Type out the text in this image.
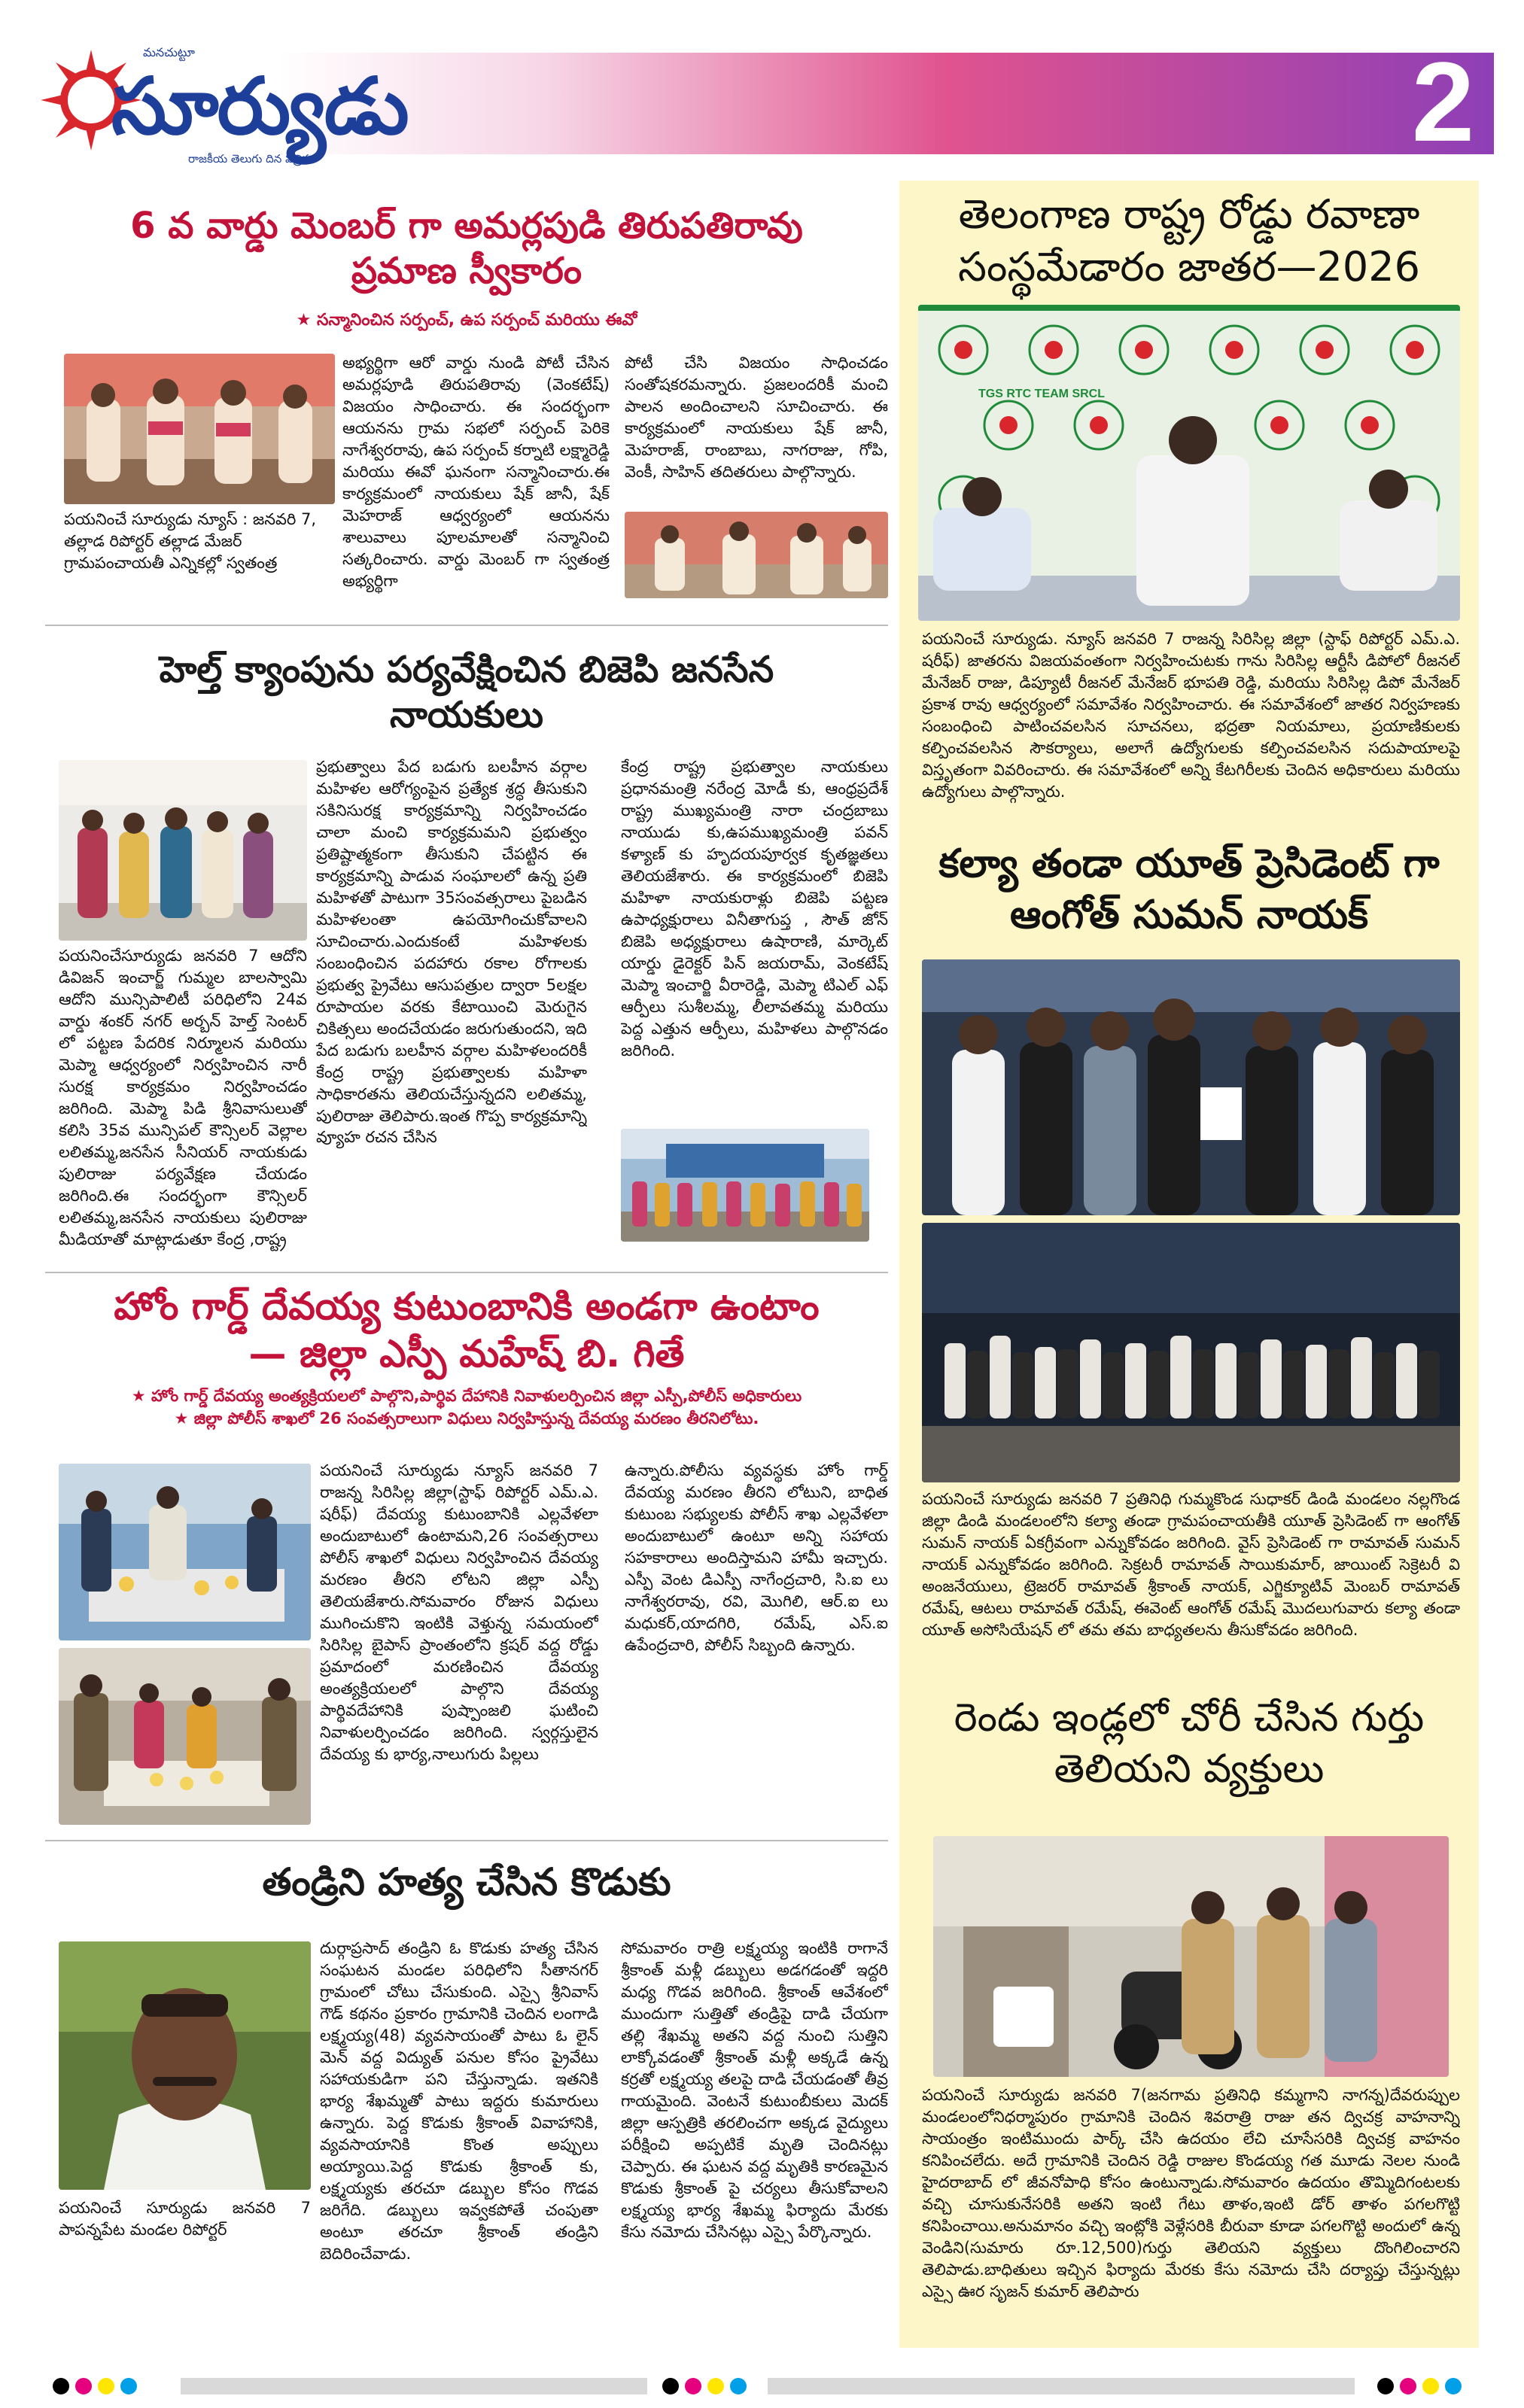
మనచుట్టూ
సూర్యుడు
రాజకీయ తెలుగు దిన పత్రిక	2
6 వ వార్డు మెంబర్ గా అమర్లపుడి తిరుపతిరావు
ప్రమాణ స్వీకారం
★ సన్మానించిన సర్పంచ్, ఉప సర్పంచ్ మరియు ఈవో
పయనించే సూర్యుడు న్యూస్ : జనవరి 7, తల్లాడ రిపోర్టర్ తల్లాడ మేజర్ గ్రామపంచాయతీ ఎన్నికల్లో స్వతంత్ర
అభ్యర్థిగా ఆరో వార్డు నుండి పోటీ చేసిన అమర్లపూడి తిరుపతిరావు (వెంకటేష్) విజయం సాధించారు. ఈ సందర్భంగా ఆయనను గ్రామ సభలో సర్పంచ్ పెరికె నాగేశ్వరరావు, ఉప సర్పంచ్ కర్నాటి లక్ష్మారెడ్డి మరియు ఈవో ఘనంగా సన్మానించారు.ఈ కార్యక్రమంలో నాయకులు షేక్ జానీ, షేక్ మెహరాజ్ ఆధ్వర్యంలో ఆయనను శాలువాలు పూలమాలతో సన్మానించి సత్కరించారు. వార్డు మెంబర్ గా స్వతంత్ర అభ్యర్థిగా
పోటీ చేసి విజయం సాధించడం సంతోషకరమన్నారు. ప్రజలందరికీ మంచి పాలన అందించాలని సూచించారు. ఈ కార్యక్రమంలో నాయకులు షేక్ జానీ, మెహరాజ్, రాంబాబు, నాగరాజు, గోపి, వెంకీ, సాహిన్ తదితరులు పాల్గొన్నారు.
హెల్త్ క్యాంపును పర్యవేక్షించిన బిజెపి జనసేన
నాయకులు
పయనించేసూర్యుడు జనవరి 7 ఆదోని డివిజన్ ఇంచార్జ్ గుమ్మల బాలస్వామి ఆదోని మున్సిపాలిటీ పరిధిలోని 24వ వార్డు శంకర్ నగర్ అర్బన్ హెల్త్ సెంటర్ లో పట్టణ పేదరిక నిర్మూలన మరియు మెప్మా ఆధ్వర్యంలో నిర్వహించిన నారీ సురక్ష కార్యక్రమం నిర్వహించడం జరిగింది. మెప్మా పిడి శ్రీనివాసులుతో కలిసి 35వ మున్సిపల్ కౌన్సిలర్ వెల్లాల లలితమ్మ,జనసేన సీనియర్ నాయకుడు పులిరాజు పర్యవేక్షణ చేయడం జరిగింది.ఈ సందర్భంగా కౌన్సిలర్ లలితమ్మ,జనసేన నాయకులు పులిరాజు మీడియాతో మాట్లాడుతూ కేంద్ర ,రాష్ట్ర
ప్రభుత్వాలు పేద బడుగు బలహీన వర్గాల మహిళల ఆరోగ్యంపైన ప్రత్యేక శ్రద్ధ తీసుకుని సకినిసురక్ష కార్యక్రమాన్ని నిర్వహించడం చాలా మంచి కార్యక్రమమని ప్రభుత్వం ప్రతిష్టాత్మకంగా తీసుకుని చేపట్టిన ఈ కార్యక్రమాన్ని పాడువ సంఘాలలో ఉన్న ప్రతి మహిళతో పాటుగా 35సంవత్సరాలు పైబడిన మహిళలంతా ఉపయోగించుకోవాలని సూచించారు.ఎందుకంటే మహిళలకు సంబంధించిన పదహారు రకాల రోగాలకు ప్రభుత్వ ప్రైవేటు ఆసుపత్రుల ద్వారా 5లక్షల రూపాయల వరకు కేటాయించి మెరుగైన చికిత్సలు అందచేయడం జరుగుతుందని, ఇది పేద బడుగు బలహీన వర్గాల మహిళలందరికీ కేంద్ర రాష్ట్ర ప్రభుత్వాలకు మహిళా సాధికారతను తెలియచేస్తున్నదని లలితమ్మ, పులిరాజు తెలిపారు.ఇంత గొప్ప కార్యక్రమాన్ని వ్యూహ రచన చేసిన
కేంద్ర రాష్ట్ర ప్రభుత్వాల నాయకులు ప్రధానమంత్రి నరేంద్ర మోడీ కు, ఆంధ్రప్రదేశ్ రాష్ట్ర ముఖ్యమంత్రి నారా చంద్రబాబు నాయుడు కు,ఉపముఖ్యమంత్రి పవన్ కళ్యాణ్ కు హృదయపూర్వక కృతజ్ఞతలు తెలియజేశారు. ఈ కార్యక్రమంలో బిజెపి మహిళా నాయకురాళ్లు బిజెపి పట్టణ ఉపాధ్యక్షురాలు వినీతాగుప్త , సౌత్ జోన్ బిజెపి అధ్యక్షురాలు ఉషారాణి, మార్కెట్ యార్డు డైరెక్టర్ పిన్ జయరామ్, వెంకటేష్ మెప్మా ఇంచార్జి వీరారెడ్డి, మెప్మా టిఎల్ ఎఫ్ ఆర్పీలు సుశీలమ్మ, లీలావతమ్మ మరియు పెద్ద ఎత్తున ఆర్పీలు, మహిళలు పాల్గొనడం జరిగింది.
హోం గార్డ్ దేవయ్య కుటుంబానికి అండగా ఉంటాం
— జిల్లా ఎస్పీ మహేష్ బి. గితే
★ హోం గార్డ్ దేవయ్య అంత్యక్రియలలో పాల్గొని,పార్థివ దేహానికి నివాళులర్పించిన జిల్లా ఎస్పీ,పోలీస్ అధికారులు
★ జిల్లా పోలీస్ శాఖలో 26 సంవత్సరాలుగా విధులు నిర్వహిస్తున్న దేవయ్య మరణం తీరనిలోటు.
పయనించే సూర్యుడు న్యూస్ జనవరి 7 రాజన్న సిరిసిల్ల జిల్లా(స్టాఫ్ రిపోర్టర్ ఎమ్.ఎ. షరీఫ్) దేవయ్య కుటుంబానికి ఎల్లవేళలా అందుబాటులో ఉంటామని,26 సంవత్సరాలు పోలీస్ శాఖలో విధులు నిర్వహించిన దేవయ్య మరణం తీరని లోటని జిల్లా ఎస్పీ తెలియజేశారు.సోమవారం రోజున విధులు ముగించుకొని ఇంటికి వెళ్తున్న సమయంలో సిరిసిల్ల బైపాస్ ప్రాంతంలోని క్రషర్ వద్ద రోడ్డు ప్రమాదంలో మరణించిన దేవయ్య అంత్యక్రియలలో పాల్గొని దేవయ్య పార్థివదేహానికి పుష్పాంజలి ఘటించి నివాళులర్పించడం జరిగింది. స్వర్గస్తులైన దేవయ్య కు భార్య,నాలుగురు పిల్లలు
ఉన్నారు.పోలీసు వ్యవస్థకు హోం గార్డ్ దేవయ్య మరణం తీరని లోటుని, బాధిత కుటుంబ సభ్యులకు పోలీస్ శాఖ ఎల్లవేళలా అందుబాటులో ఉంటూ అన్ని సహాయ సహకారాలు అందిస్తామని హామీ ఇచ్చారు. ఎస్పీ వెంట డిఎస్పీ నాగేంద్రచారి, సి.ఐ లు నాగేశ్వరరావు, రవి, మొగిలి, ఆర్.ఐ లు మధుకర్,యాదగిరి, రమేష్, ఎస్.ఐ ఉపేంద్రచారి, పోలీస్ సిబ్బంది ఉన్నారు.
తండ్రిని హత్య చేసిన కొడుకు
పయనించే సూర్యుడు జనవరి 7 పాపన్నపేట మండల రిపోర్టర్
దుర్గాప్రసాద్ తండ్రిని ఓ కొడుకు హత్య చేసిన సంఘటన మండల పరిధిలోని సీతానగర్ గ్రామంలో చోటు చేసుకుంది. ఎస్సై శ్రీనివాస్ గౌడ్ కథనం ప్రకారం గ్రామానికి చెందిన లంగాడి లక్ష్మయ్య(48) వ్యవసాయంతో పాటు ఓ లైన్ మెన్ వద్ద విద్యుత్ పనుల కోసం ప్రైవేటు సహాయకుడిగా పని చేస్తున్నాడు. ఇతనికి భార్య శేఖమ్మతో పాటు ఇద్దరు కుమారులు ఉన్నారు. పెద్ద కొడుకు శ్రీకాంత్ వివాహానికి, వ్యవసాయానికి కొంత అప్పులు అయ్యాయి.పెద్ద కొడుకు శ్రీకాంత్ కు, లక్ష్మయ్యకు తరచూ డబ్బుల కోసం గొడవ జరిగేది. డబ్బులు ఇవ్వకపోతే చంపుతా అంటూ తరచూ శ్రీకాంత్ తండ్రిని బెదిరించేవాడు.
సోమవారం రాత్రి లక్ష్మయ్య ఇంటికి రాగానే శ్రీకాంత్ మళ్లీ డబ్బులు అడగడంతో ఇద్దరి మధ్య గొడవ జరిగింది. శ్రీకాంత్ ఆవేశంలో ముందుగా సుత్తితో తండ్రిపై దాడి చేయగా తల్లి శేఖమ్మ అతని వద్ద నుంచి సుత్తిని లాక్కోవడంతో శ్రీకాంత్ మళ్లీ అక్కడే ఉన్న కర్రతో లక్ష్మయ్య తలపై దాడి చేయడంతో తీవ్ర గాయమైంది. వెంటనే కుటుంబీకులు మెదక్ జిల్లా ఆస్పత్రికి తరలించగా అక్కడ వైద్యులు పరీక్షించి అప్పటికే మృతి చెందినట్లు చెప్పారు. ఈ ఘటన వద్ద మృతికి కారణమైన కొడుకు శ్రీకాంత్ పై చర్యలు తీసుకోవాలని లక్ష్మయ్య భార్య శేఖమ్మ ఫిర్యాదు మేరకు కేసు నమోదు చేసినట్లు ఎస్సై పేర్కొన్నారు.
తెలంగాణ రాష్ట్ర రోడ్డు రవాణా
సంస్థమేడారం జాతర—2026
TGS RTC TEAM SRCL
పయనించే సూర్యుడు. న్యూస్ జనవరి 7 రాజన్న సిరిసిల్ల జిల్లా (స్టాఫ్ రిపోర్టర్ ఎమ్.ఎ. షరీఫ్) జాతరను విజయవంతంగా నిర్వహించుటకు గాను సిరిసిల్ల ఆర్టీసీ డిపోలో రీజనల్ మేనేజర్ రాజు, డిప్యూటీ రీజనల్ మేనేజర్ భూపతి రెడ్డి, మరియు సిరిసిల్ల డిపో మేనేజర్ ప్రకాశ రావు ఆధ్వర్యంలో సమావేశం నిర్వహించారు. ఈ సమావేశంలో జాతర నిర్వహణకు సంబంధించి పాటించవలసిన సూచనలు, భద్రతా నియమాలు, ప్రయాణికులకు కల్పించవలసిన సౌకర్యాలు, అలాగే ఉద్యోగులకు కల్పించవలసిన సదుపాయాలపై విస్తృతంగా వివరించారు. ఈ సమావేశంలో అన్ని కేటగిరీలకు చెందిన అధికారులు మరియు ఉద్యోగులు పాల్గొన్నారు.
కల్యా తండా యూత్ ప్రెసిడెంట్ గా
ఆంగోత్ సుమన్ నాయక్
పయనించే సూర్యుడు జనవరి 7 ప్రతినిధి గుమ్మకొండ సుధాకర్ డిండి మండలం నల్లగొండ జిల్లా డిండి మండలంలోని కల్యా తండా గ్రామపంచాయతీకి యూత్ ప్రెసిడెంట్ గా ఆంగోత్ సుమన్ నాయక్ ఏకగ్రీవంగా ఎన్నుకోవడం జరిగింది. వైస్ ప్రెసిడెంట్ గా రామావత్ సుమన్ నాయక్ ఎన్నుకోవడం జరిగింది. సెక్రటరీ రామావత్ సాయికుమార్, జాయింట్ సెక్రెటరీ వి అంజనేయులు, ట్రెజరర్ రామావత్ శ్రీకాంత్ నాయక్, ఎగ్జిక్యూటివ్ మెంబర్ రామావత్ రమేష్, ఆటలు రామావత్ రమేష్, ఈవెంట్ ఆంగోత్ రమేష్ మొదలుగువారు కల్యా తండా యూత్ అసోసియేషన్ లో తమ తమ బాధ్యతలను తీసుకోవడం జరిగింది.
రెండు ఇండ్లలో చోరీ చేసిన గుర్తు
తెలియని వ్యక్తులు
పయనించే సూర్యుడు జనవరి 7(జనగామ ప్రతినిధి కమ్మగాని నాగన్న)దేవరుప్పుల మండలంలోనిధర్మాపురం గ్రామానికి చెందిన శివరాత్రి రాజు తన ద్విచక్ర వాహనాన్ని సాయంత్రం ఇంటిముందు పార్క్ చేసి ఉదయం లేచి చూసేసరికి ద్విచక్ర వాహనం కనిపించలేదు. అదే గ్రామానికి చెందిన రెడ్డి రాజుల కొండయ్య గత మూడు నెలల నుండి హైదరాబాద్ లో జీవనోపాధి కోసం ఉంటున్నాడు.సోమవారం ఉదయం తొమ్మిదిగంటలకు వచ్చి చూసుకునేసరికి అతని ఇంటి గేటు తాళం,ఇంటి డోర్ తాళం పగలగొట్టి కనిపించాయి.అనుమానం వచ్చి ఇంట్లోకి వెళ్లేసరికి బీరువా కూడా పగలగొట్టి అందులో ఉన్న వెండిని(సుమారు రూ.12,500)గుర్తు తెలియని వ్యక్తులు దొంగిలించారని తెలిపాడు.బాధితులు ఇచ్చిన ఫిర్యాదు మేరకు కేసు నమోదు చేసి దర్యాప్తు చేస్తున్నట్లు ఎస్సై ఊర సృజన్ కుమార్ తెలిపారు
